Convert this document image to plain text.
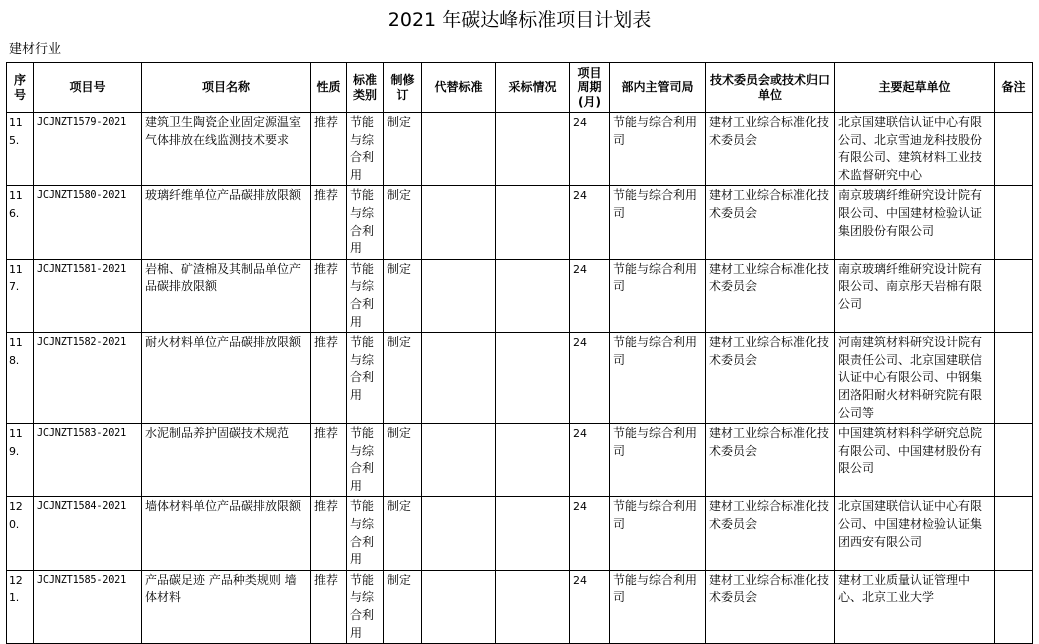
2021 年碳达峰标准项目计划表
建材行业
序号	项目号	项目名称	性质	标准类别	制修订	代替标准	采标情况	项目周期(月)	部内主管司局	技术委员会或技术归口单位	主要起草单位	备注
115.	JCJNZT1579-2021	建筑卫生陶瓷企业固定源温室气体排放在线监测技术要求	推荐	节能与综合利用	制定			24	节能与综合利用司	建材工业综合标准化技术委员会	北京国建联信认证中心有限公司、北京雪迪龙科技股份有限公司、建筑材料工业技术监督研究中心	
116.	JCJNZT1580-2021	玻璃纤维单位产品碳排放限额	推荐	节能与综合利用	制定			24	节能与综合利用司	建材工业综合标准化技术委员会	南京玻璃纤维研究设计院有限公司、中国建材检验认证集团股份有限公司	
117.	JCJNZT1581-2021	岩棉、矿渣棉及其制品单位产品碳排放限额	推荐	节能与综合利用	制定			24	节能与综合利用司	建材工业综合标准化技术委员会	南京玻璃纤维研究设计院有限公司、南京彤天岩棉有限公司	
118.	JCJNZT1582-2021	耐火材料单位产品碳排放限额	推荐	节能与综合利用	制定			24	节能与综合利用司	建材工业综合标准化技术委员会	河南建筑材料研究设计院有限责任公司、北京国建联信认证中心有限公司、中钢集团洛阳耐火材料研究院有限公司等	
119.	JCJNZT1583-2021	水泥制品养护固碳技术规范	推荐	节能与综合利用	制定			24	节能与综合利用司	建材工业综合标准化技术委员会	中国建筑材料科学研究总院有限公司、中国建材股份有限公司	
120.	JCJNZT1584-2021	墙体材料单位产品碳排放限额	推荐	节能与综合利用	制定			24	节能与综合利用司	建材工业综合标准化技术委员会	北京国建联信认证中心有限公司、中国建材检验认证集团西安有限公司	
121.	JCJNZT1585-2021	产品碳足迹 产品种类规则 墙体材料	推荐	节能与综合利用	制定			24	节能与综合利用司	建材工业综合标准化技术委员会	建材工业质量认证管理中心、北京工业大学	
